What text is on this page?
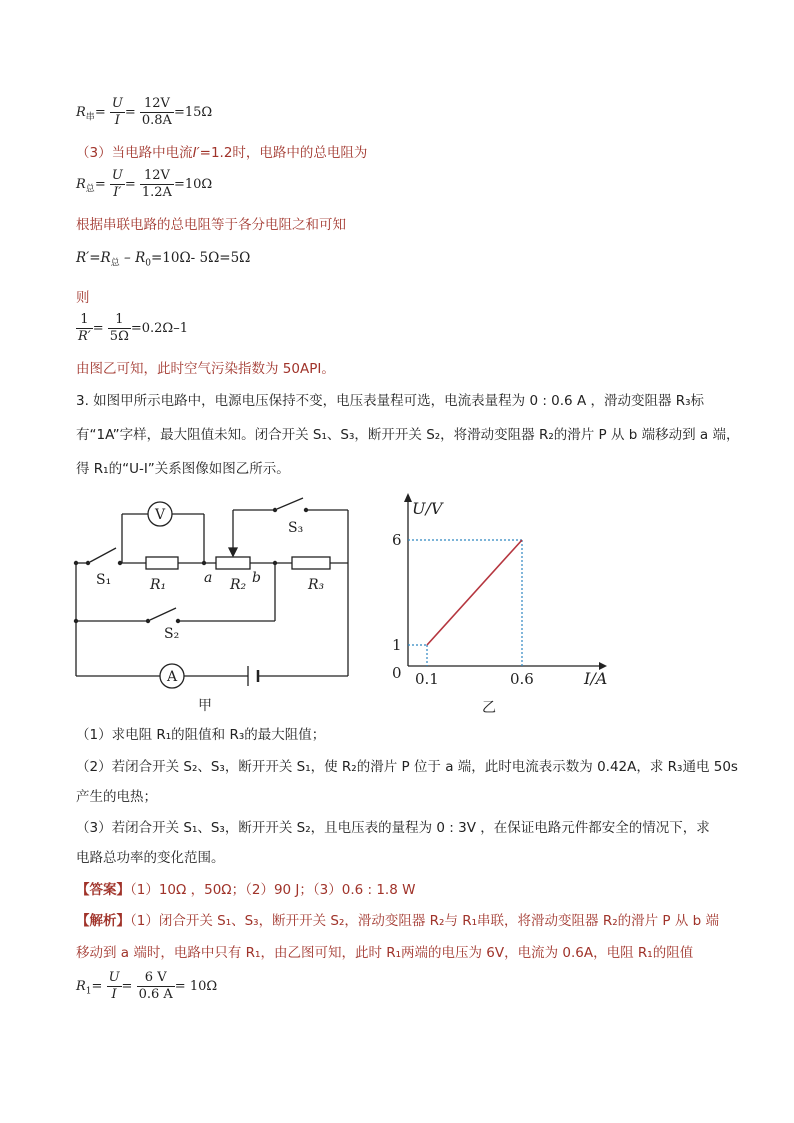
$R_串= \frac{U}{I} = \frac{12V}{0.8A} =15\Omega$
（3）当电路中电流I′=1.2时，电路中的总电阻为
$R_总= \frac{U}{I'} = \frac{12V}{1.2A} =10\Omega$
根据串联电路的总电阻等于各分电阻之和可知
$R'=R_总 - R_0=10\Omega-$ 5Ω=5Ω
则
$\frac{1}{R'} = \frac{1}{5\Omega} =0.2\Omega-1$
由图乙可知，此时空气污染指数为 50API。
3. 如图甲所示电路中，电源电压保持不变，电压表量程可选，电流表量程为 0 : 0.6 A ，滑动变阻器 R₃标
有“1A”字样，最大阻值未知。闭合开关 S₁、S₃，断开开关 S₂，将滑动变阻器 R₂的滑片 P 从 b 端移动到 a 端，
得 R₁的“U-I”关系图像如图乙所示。
V
A
S₁
S₂
S₃
R₁	R₂	R₃
a	b
甲
0.1	0.6
1
6
U/V
I/A
0
乙
（1）求电阻 R₁的阻值和 R₃的最大阻值；
（2）若闭合开关 S₂、S₃，断开开关 S₁，使 R₂的滑片 P 位于 a 端，此时电流表示数为 0.42A，求 R₃通电 50s
产生的电热；
（3）若闭合开关 S₁、S₃，断开开关 S₂，且电压表的量程为 0 : 3V ，在保证电路元件都安全的情况下，求
电路总功率的变化范围。
【答案】（1）10Ω ，50Ω；（2）90 J；（3）0.6 : 1.8 W
【解析】（1）闭合开关 S₁、S₃，断开开关 S₂，滑动变阻器 R₂与 R₁串联，将滑动变阻器 R₂的滑片 P 从 b 端
移动到 a 端时，电路中只有 R₁，由乙图可知，此时 R₁两端的电压为 6V，电流为 0.6A，电阻 R₁的阻值
$R_1= \frac{U}{I} = \frac{6 V}{0.6 A} = 10\Omega$
